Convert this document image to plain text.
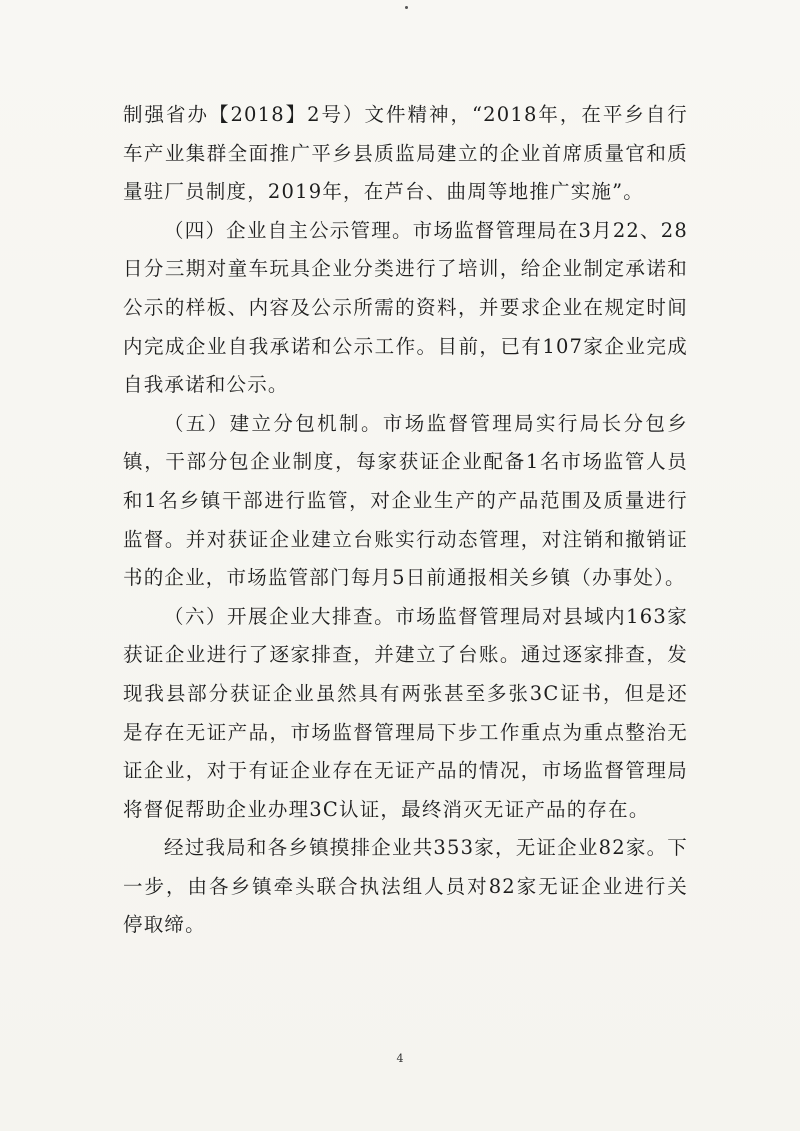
制强省办【2018】2号）文件精神，“2018年，在平乡自行车产业集群全面推广平乡县质监局建立的企业首席质量官和质量驻厂员制度，2019年，在芦台、曲周等地推广实施”。

（四）企业自主公示管理。市场监督管理局在3月22、28日分三期对童车玩具企业分类进行了培训，给企业制定承诺和公示的样板、内容及公示所需的资料，并要求企业在规定时间内完成企业自我承诺和公示工作。目前，已有107家企业完成自我承诺和公示。

（五）建立分包机制。市场监督管理局实行局长分包乡镇，干部分包企业制度，每家获证企业配备1名市场监管人员和1名乡镇干部进行监管，对企业生产的产品范围及质量进行监督。并对获证企业建立台账实行动态管理，对注销和撤销证书的企业，市场监管部门每月5日前通报相关乡镇（办事处）。

（六）开展企业大排查。市场监督管理局对县域内163家获证企业进行了逐家排查，并建立了台账。通过逐家排查，发现我县部分获证企业虽然具有两张甚至多张3C证书，但是还是存在无证产品，市场监督管理局下步工作重点为重点整治无证企业，对于有证企业存在无证产品的情况，市场监督管理局将督促帮助企业办理3C认证，最终消灭无证产品的存在。

经过我局和各乡镇摸排企业共353家，无证企业82家。下一步，由各乡镇牵头联合执法组人员对82家无证企业进行关停取缔。

4
